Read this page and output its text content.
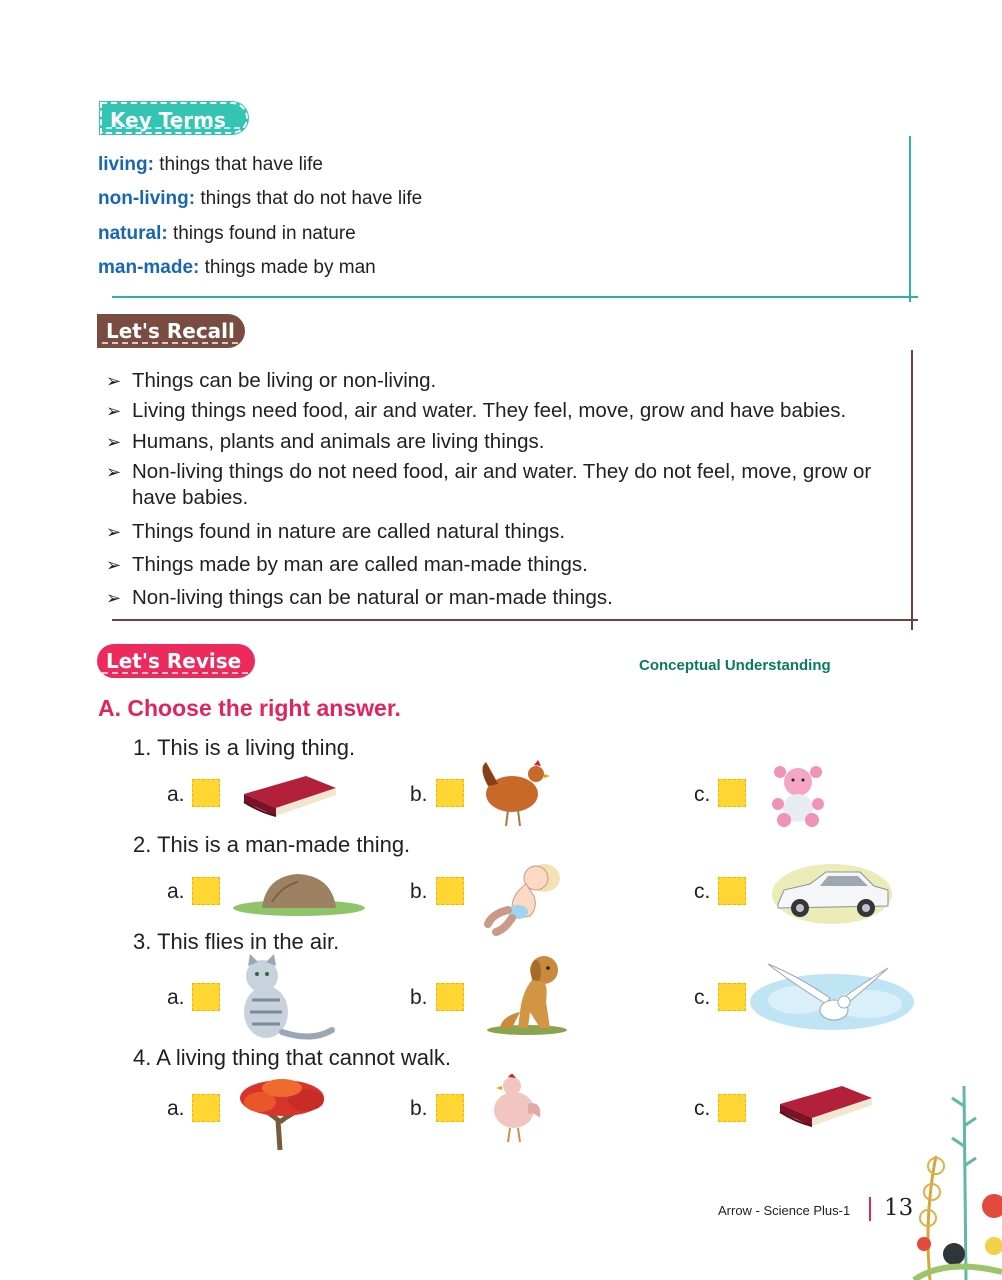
Key Terms
living: things that have life
non-living: things that do not have life
natural: things found in nature
man-made: things made by man
Let's Recall
➢ Things can be living or non-living.
➢ Living things need food, air and water. They feel, move, grow and have babies.
➢ Humans, plants and animals are living things.
➢ Non-living things do not need food, air and water. They do not feel, move, grow or have babies.
➢ Things found in nature are called natural things.
➢ Things made by man are called man-made things.
➢ Non-living things can be natural or man-made things.
Let's Revise	Conceptual Understanding
A. Choose the right answer.
1. This is a living thing.
a.	b.	c.
2. This is a man-made thing.
a.	b.	c.
3. This flies in the air.
a.	b.	c.
4. A living thing that cannot walk.
a.	b.	c.
Arrow - Science Plus-1 13
